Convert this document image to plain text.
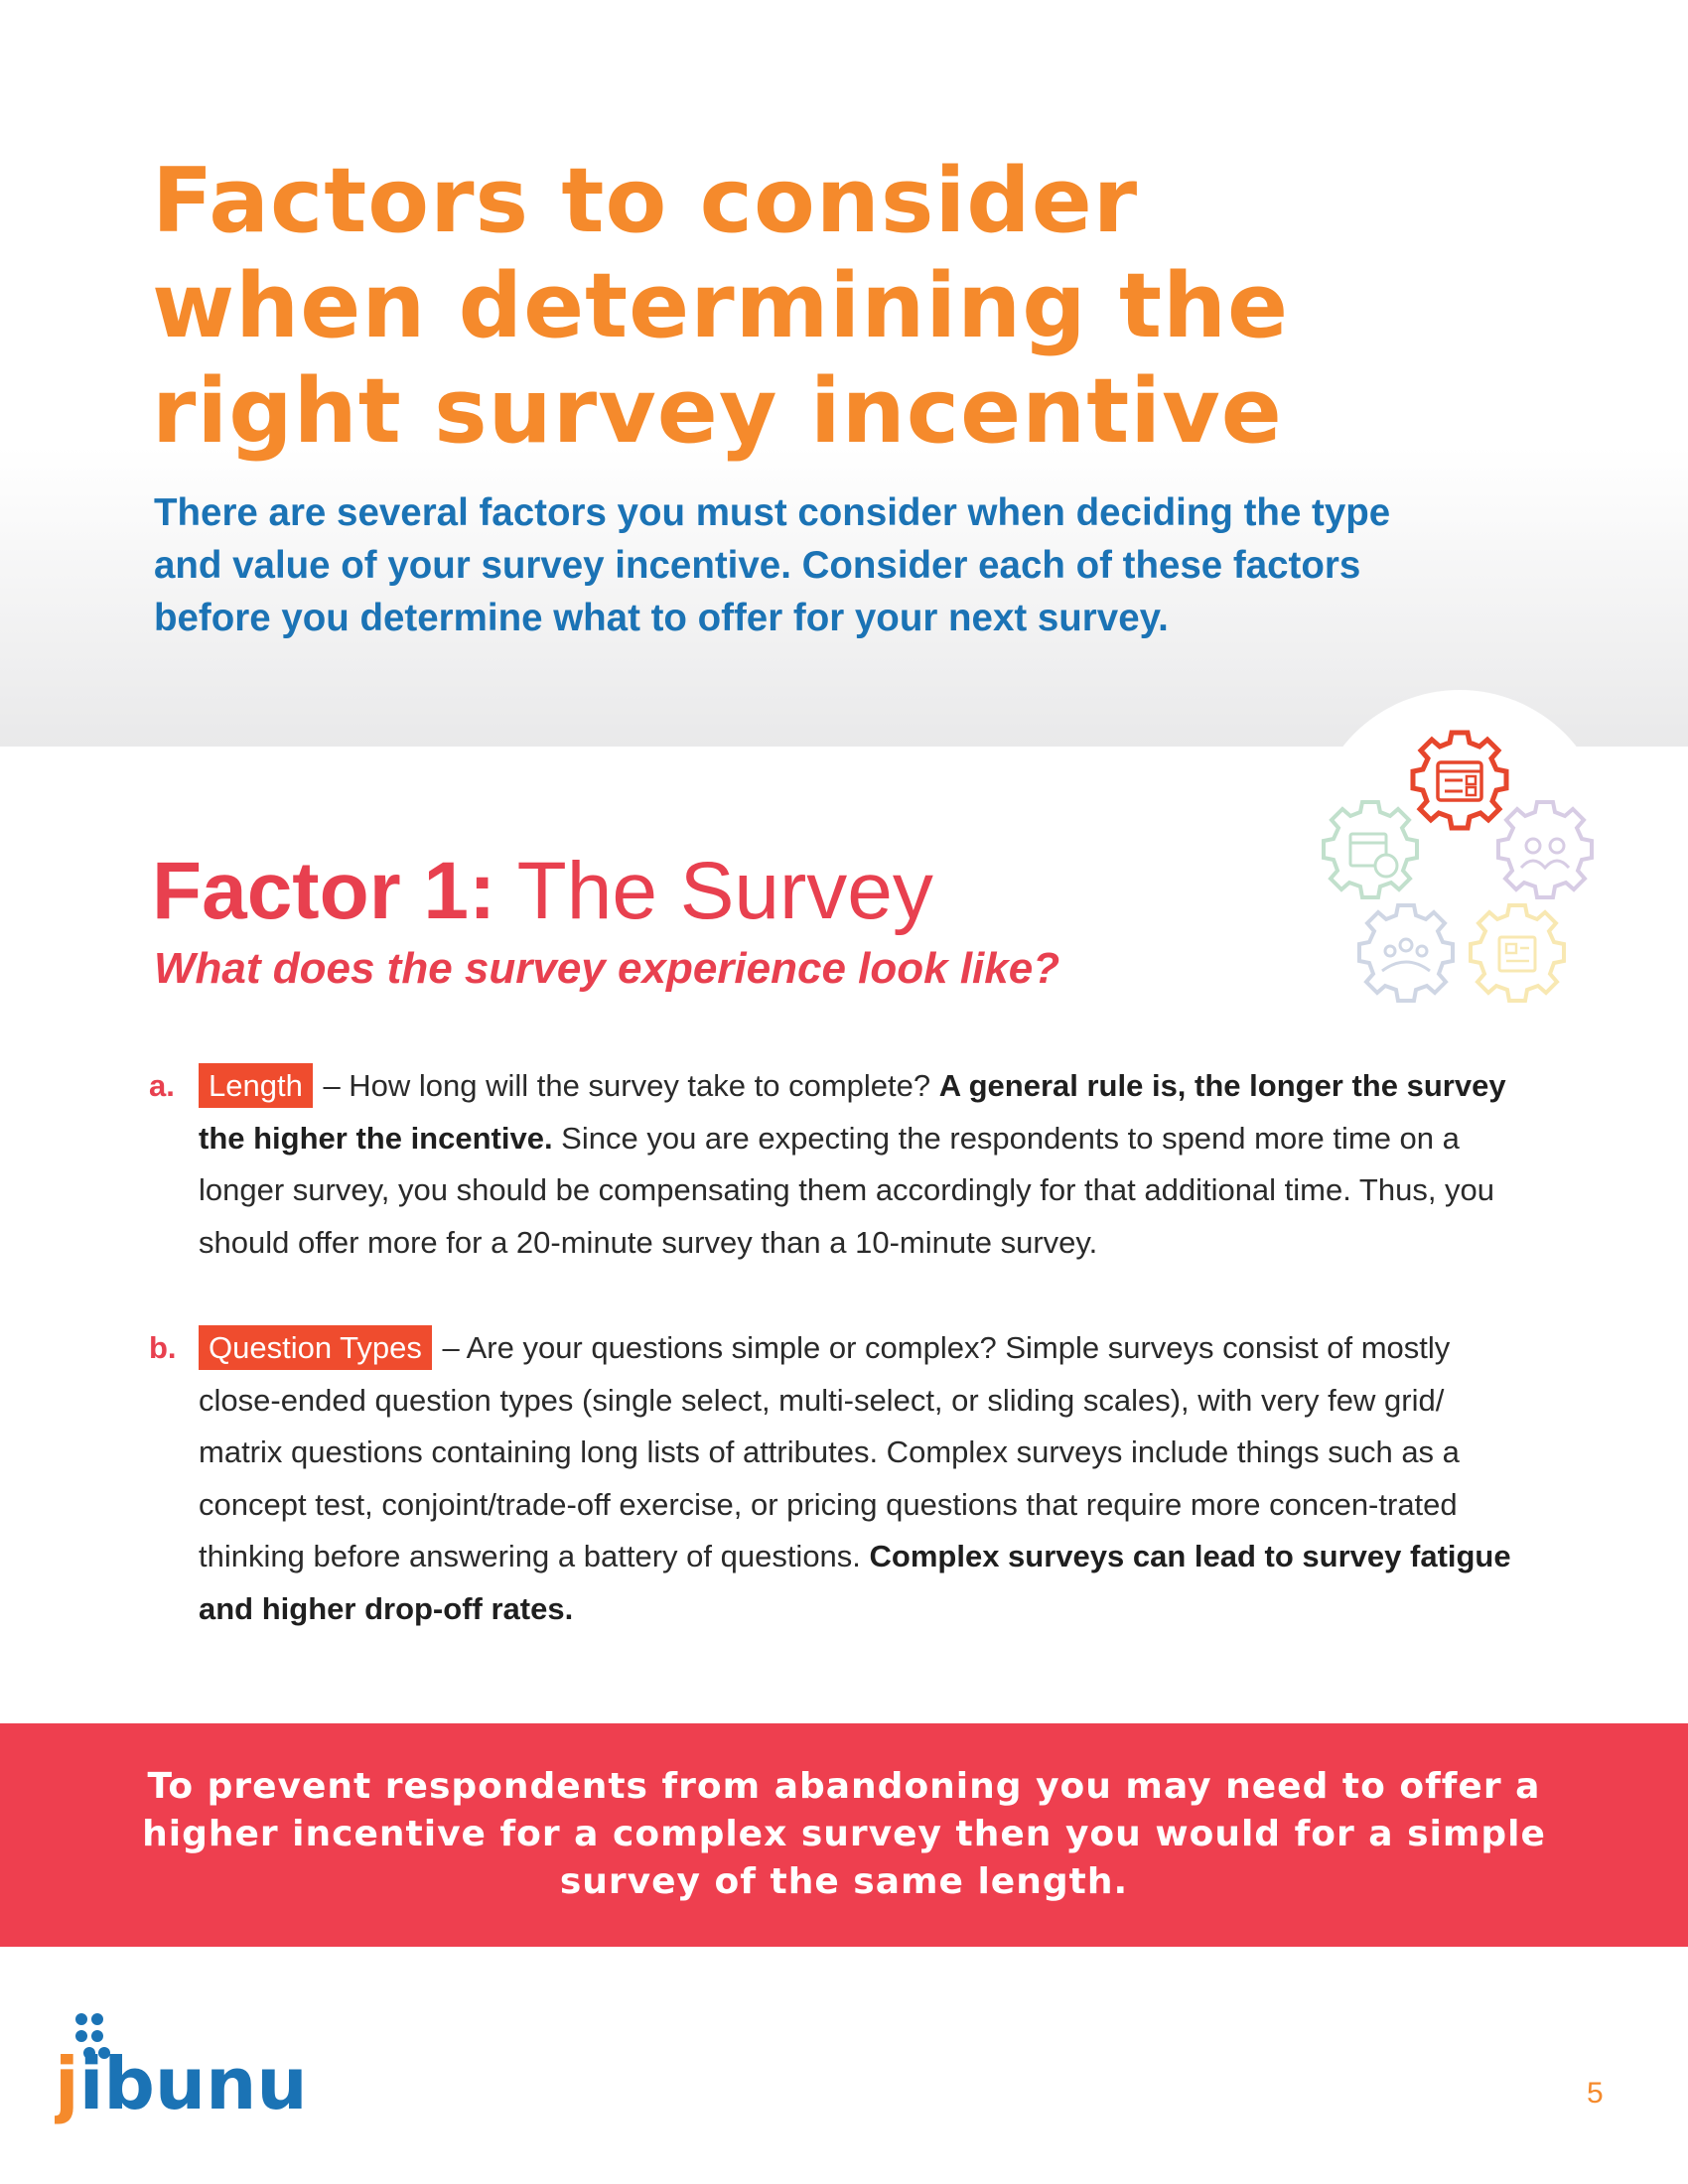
Factors to consider when determining the right survey incentive

There are several factors you must consider when deciding the type and value of your survey incentive. Consider each of these factors before you determine what to offer for your next survey.

Factor 1: The Survey

What does the survey experience look like?

a. Length – How long will the survey take to complete? A general rule is, the longer the survey the higher the incentive. Since you are expecting the respondents to spend more time on a longer survey, you should be compensating them accordingly for that additional time. Thus, you should offer more for a 20-minute survey than a 10-minute survey.

b. Question Types – Are your questions simple or complex? Simple surveys consist of mostly close-ended question types (single select, multi-select, or sliding scales), with very few grid/ matrix questions containing long lists of attributes. Complex surveys include things such as a concept test, conjoint/trade-off exercise, or pricing questions that require more concen-trated thinking before answering a battery of questions. Complex surveys can lead to survey fatigue and higher drop-off rates.

To prevent respondents from abandoning you may need to offer a higher incentive for a complex survey then you would for a simple survey of the same length.

jibunu	5
